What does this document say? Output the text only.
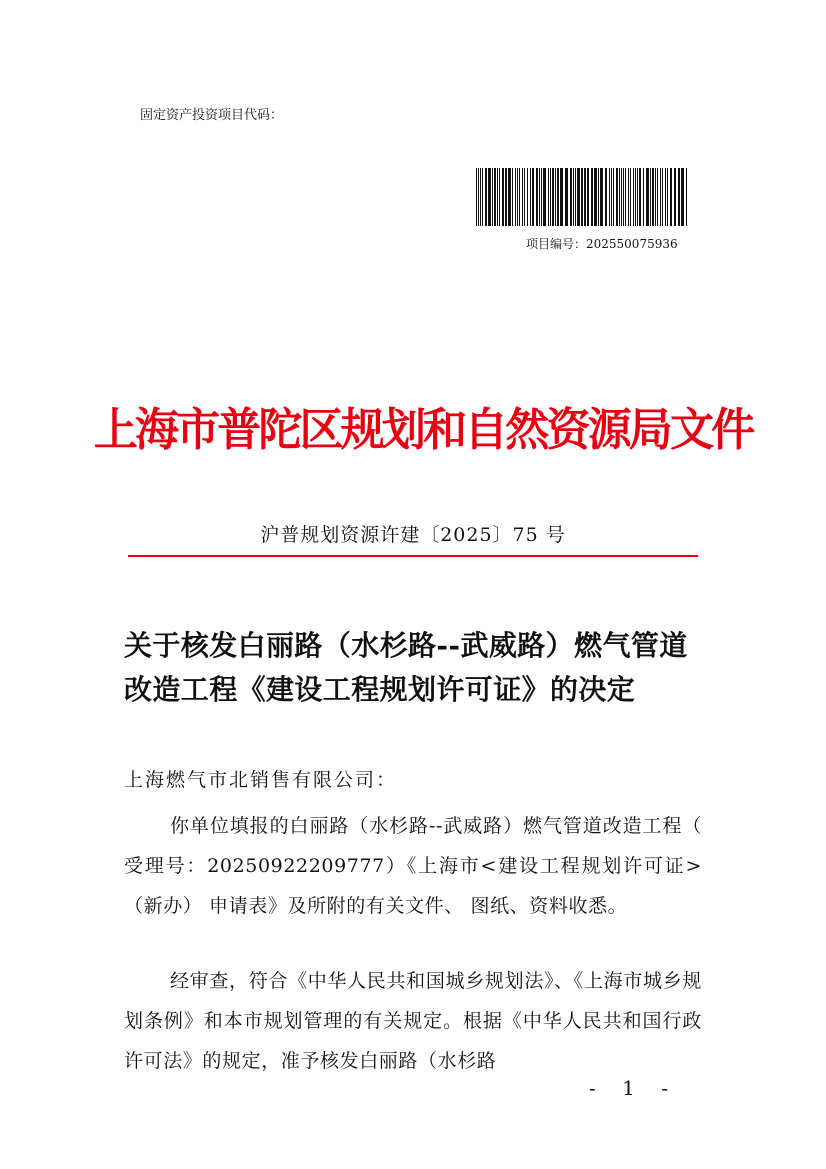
固定资产投资项目代码：
项目编号：202550075936
上海市普陀区规划和自然资源局文件
沪普规划资源许建〔2025〕75 号
关于核发白丽路（水杉路--武威路）燃气管道改造工程《建设工程规划许可证》的决定
上海燃气市北销售有限公司：
你单位填报的白丽路（水杉路--武威路）燃气管道改造工程（ 受理号：20250922209777）《上海市<建设工程规划许可证>（新办） 申请表》及所附的有关文件、 图纸、资料收悉。
经审查，符合《中华人民共和国城乡规划法》、《上海市城乡规划条例》和本市规划管理的有关规定。根据《中华人民共和国行政许可法》的规定，准予核发白丽路（水杉路
- 1 -
